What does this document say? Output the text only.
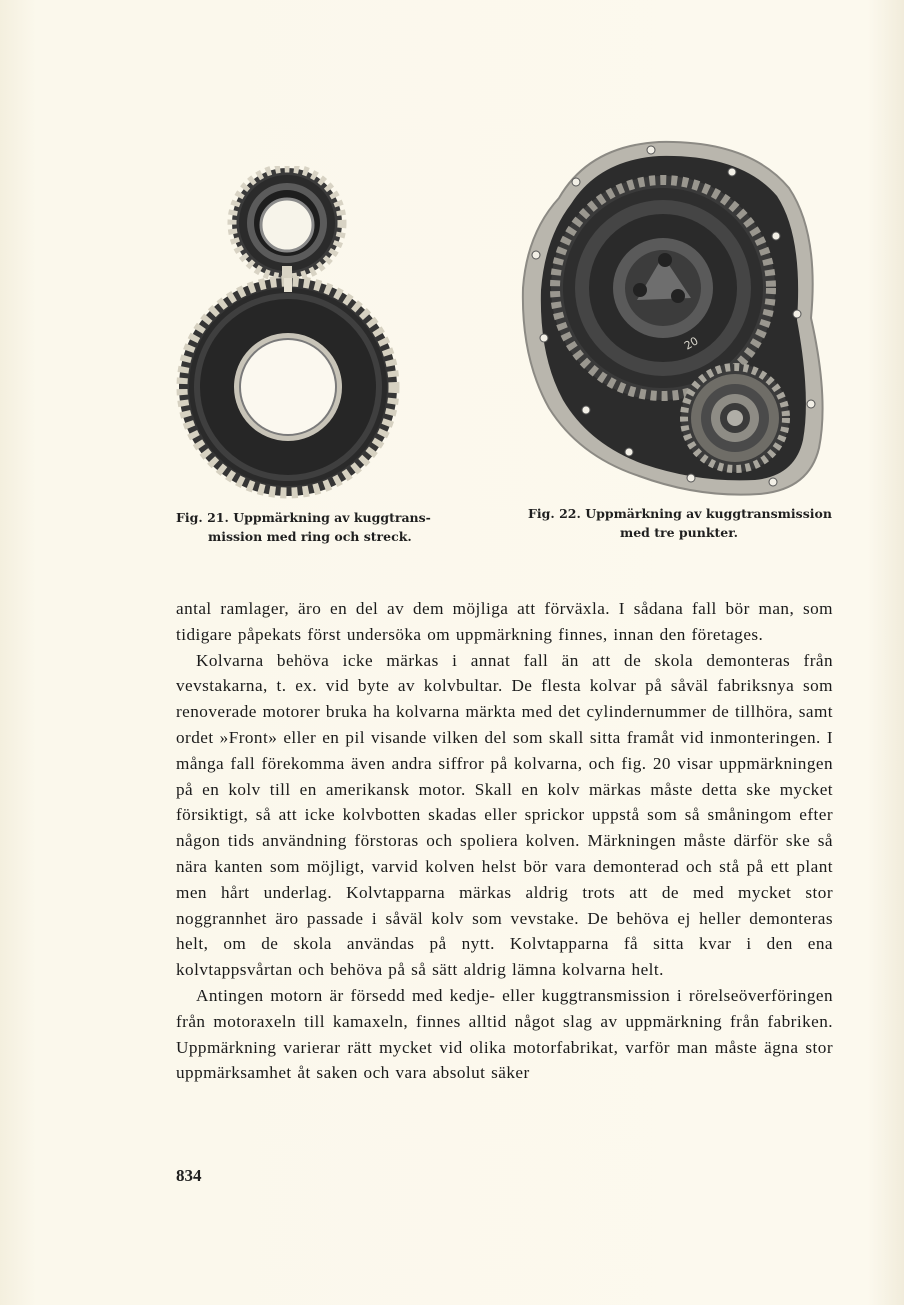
20
Fig. 21. Uppmärkning av kuggtrans-
mission med ring och streck.
Fig. 22. Uppmärkning av kuggtransmission
med tre punkter.

antal ramlager, äro en del av dem möjliga att förväxla. I sådana fall bör man, som tidigare påpekats först undersöka om uppmärkning finnes, innan den företages.

Kolvarna behöva icke märkas i annat fall än att de skola demonteras från vevstakarna, t. ex. vid byte av kolvbultar. De flesta kolvar på såväl fabriksnya som renoverade motorer bruka ha kolvarna märkta med det cylindernummer de tillhöra, samt ordet »Front» eller en pil visande vilken del som skall sitta framåt vid inmonteringen. I många fall förekomma även andra siffror på kolvarna, och fig. 20 visar uppmärkningen på en kolv till en amerikansk motor. Skall en kolv märkas måste detta ske mycket försiktigt, så att icke kolvbotten skadas eller sprickor uppstå som så småningom efter någon tids användning förstoras och spoliera kolven. Märkningen måste därför ske så nära kanten som möjligt, varvid kolven helst bör vara demonterad och stå på ett plant men hårt underlag. Kolvtapparna märkas aldrig trots att de med mycket stor noggrannhet äro passade i såväl kolv som vevstake. De behöva ej heller demonteras helt, om de skola användas på nytt. Kolvtapparna få sitta kvar i den ena kolvtappsvårtan och behöva på så sätt aldrig lämna kolvarna helt.

Antingen motorn är försedd med kedje- eller kuggtransmission i rörelseöverföringen från motoraxeln till kamaxeln, finnes alltid något slag av uppmärkning från fabriken. Uppmärkning varierar rätt mycket vid olika motorfabrikat, varför man måste ägna stor uppmärksamhet åt saken och vara absolut säker

834
